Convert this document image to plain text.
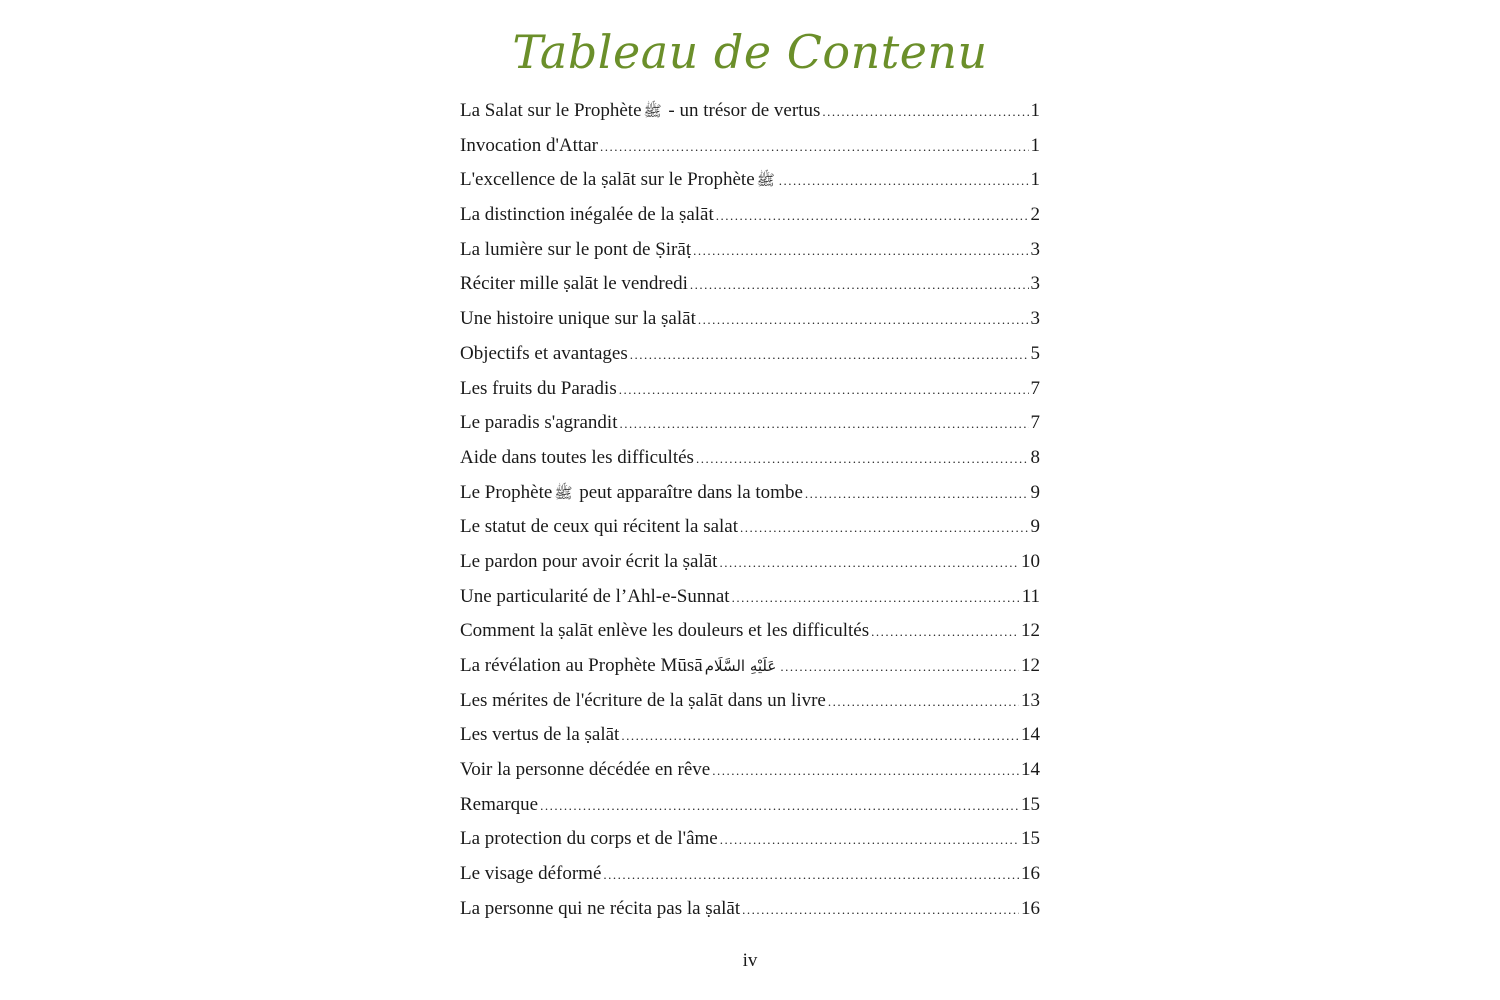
Tableau de Contenu
La Salat sur le Prophète ﷺ - un trésor de vertus .....	1
Invocation d'Attar .....	1
L'excellence de la ṣalāt sur le Prophète ﷺ .....	1
La distinction inégalée de la ṣalāt .....	2
La lumière sur le pont de Ṣirāṭ .....	3
Réciter mille ṣalāt le vendredi .....	3
Une histoire unique sur la ṣalāt .....	3
Objectifs et avantages .....	5
Les fruits du Paradis .....	7
Le paradis s'agrandit .....	7
Aide dans toutes les difficultés .....	8
Le Prophète ﷺ peut apparaître dans la tombe .....	9
Le statut de ceux qui récitent la salat .....	9
Le pardon pour avoir écrit la ṣalāt .....	10
Une particularité de l’Ahl-e-Sunnat .....	11
Comment la ṣalāt enlève les douleurs et les difficultés .....	12
La révélation au Prophète Mūsā عَلَيْهِ السَّلَام .....	12
Les mérites de l'écriture de la ṣalāt dans un livre .....	13
Les vertus de la ṣalāt .....	14
Voir la personne décédée en rêve .....	14
Remarque .....	15
La protection du corps et de l'âme .....	15
Le visage déformé .....	16
La personne qui ne récita pas la ṣalāt .....	16
iv
